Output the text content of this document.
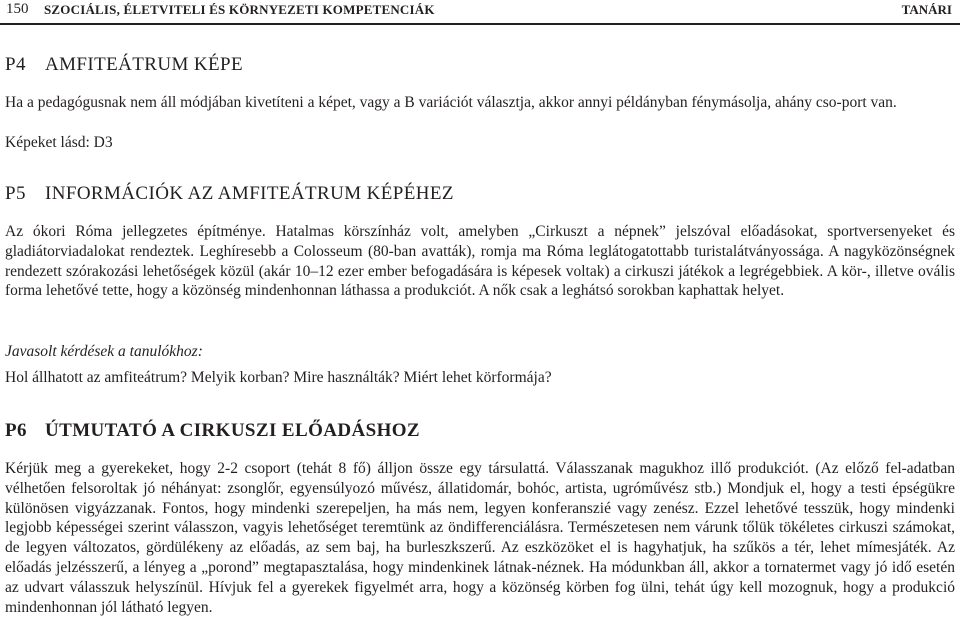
150 SZOCIÁLIS, ÉLETVITELI ÉS KÖRNYEZETI KOMPETENCIÁK	TANÁRI
P4 AMFITEÁTRUM KÉPE

Ha a pedagógusnak nem áll módjában kivetíteni a képet, vagy a B variációt választja, akkor annyi példányban fénymásolja, ahány cso-port van.

Képeket lásd: D3

P5 INFORMÁCIÓK AZ AMFITEÁTRUM KÉPÉHEZ

Az ókori Róma jellegzetes építménye. Hatalmas körszínház volt, amelyben „Cirkuszt a népnek” jelszóval előadásokat, sportversenyeket és gladiátorviadalokat rendeztek. Leghíresebb a Colosseum (80-ban avatták), romja ma Róma leglátogatottabb turistalátványossága. A nagyközönségnek rendezett szórakozási lehetőségek közül (akár 10–12 ezer ember befogadására is képesek voltak) a cirkuszi játékok a legrégebbiek. A kör-, illetve ovális forma lehetővé tette, hogy a közönség mindenhonnan láthassa a produkciót. A nők csak a leghátsó sorokban kaphattak helyet.

Javasolt kérdések a tanulókhoz:

Hol állhatott az amfiteátrum? Melyik korban? Mire használták? Miért lehet körformája?

P6 ÚTMUTATÓ A CIRKUSZI ELŐADÁSHOZ

Kérjük meg a gyerekeket, hogy 2-2 csoport (tehát 8 fő) álljon össze egy társulattá. Válasszanak magukhoz illő produkciót. (Az előző fel-adatban vélhetően felsoroltak jó néhányat: zsonglőr, egyensúlyozó művész, állatidomár, bohóc, artista, ugróművész stb.) Mondjuk el, hogy a testi épségükre különösen vigyázzanak. Fontos, hogy mindenki szerepeljen, ha más nem, legyen konferanszié vagy zenész. Ezzel lehetővé tesszük, hogy mindenki legjobb képességei szerint válasszon, vagyis lehetőséget teremtünk az öndifferenciálásra. Természetesen nem várunk tőlük tökéletes cirkuszi számokat, de legyen változatos, gördülékeny az előadás, az sem baj, ha burleszkszerű. Az eszközöket el is hagyhatjuk, ha szűkös a tér, lehet mímesjáték. Az előadás jelzésszerű, a lényeg a „porond” megtapasztalása, hogy mindenkinek látnak-néznek. Ha módunkban áll, akkor a tornatermet vagy jó idő esetén az udvart válasszuk helyszínül. Hívjuk fel a gyerekek figyelmét arra, hogy a közönség körben fog ülni, tehát úgy kell mozognuk, hogy a produkció mindenhonnan jól látható legyen.
